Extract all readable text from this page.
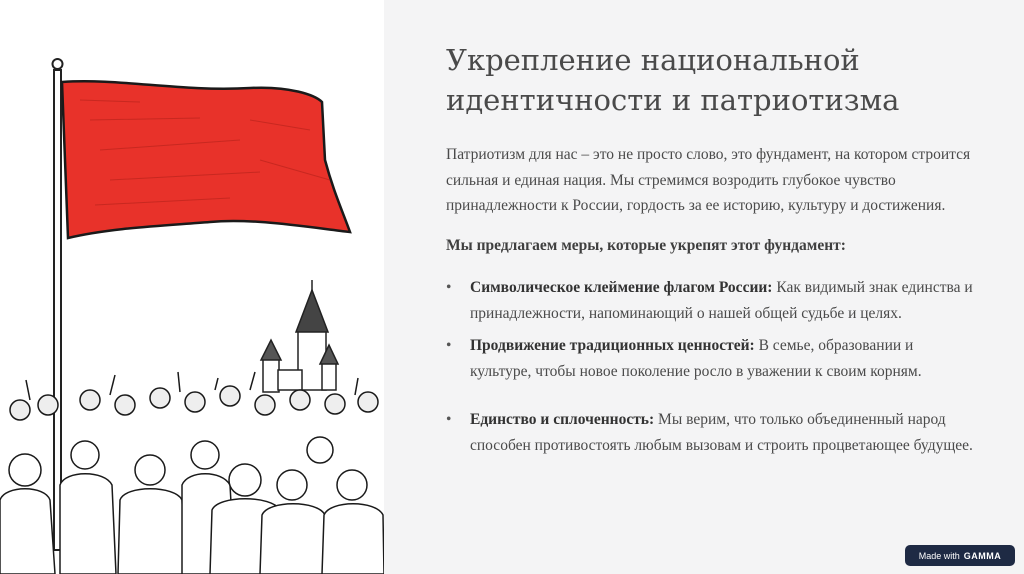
Укрепление национальной
идентичности и патриотизма

Патриотизм для нас – это не просто слово, это фундамент, на котором строится сильная и единая нация. Мы стремимся возродить глубокое чувство принадлежности к России, гордость за ее историю, культуру и достижения.

Мы предлагаем меры, которые укрепят этот фундамент:

• Символическое клеймение флагом России: Как видимый знак единства и принадлежности, напоминающий о нашей общей судьбе и целях.
• Продвижение традиционных ценностей: В семье, образовании и культуре, чтобы новое поколение росло в уважении к своим корням.
• Единство и сплоченность: Мы верим, что только объединенный народ способен противостоять любым вызовам и строить процветающее будущее.
Made with GAMMA
